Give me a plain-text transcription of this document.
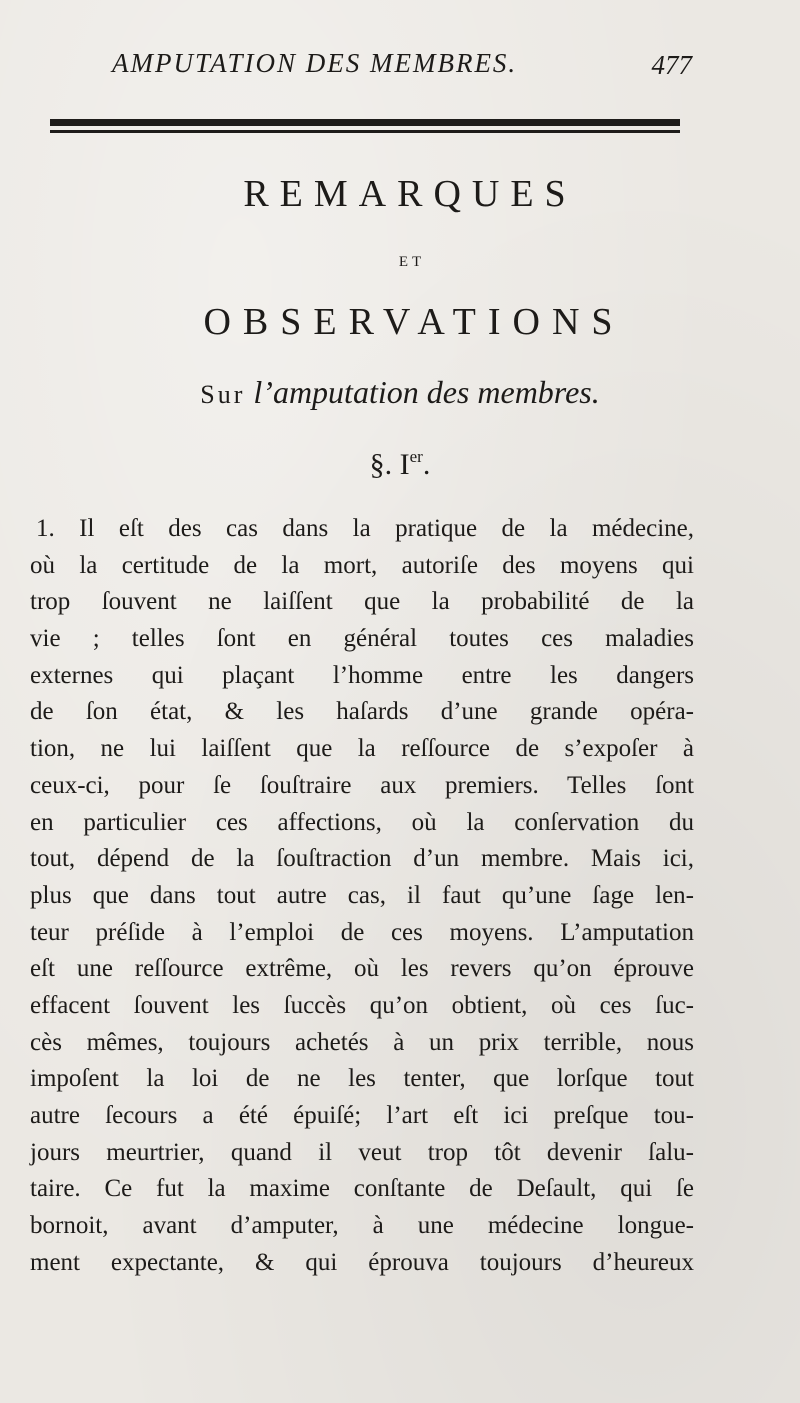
AMPUTATION DES MEMBRES.	477
REMARQUES
ET
OBSERVATIONS
Sur l’amputation des membres.
§. Ier.
1. Il eſt des cas dans la pratique de la médecine,
où la certitude de la mort, autoriſe des moyens qui
trop ſouvent ne laiſſent que la probabilité de la
vie ; telles ſont en général toutes ces maladies
externes qui plaçant l’homme entre les dangers
de ſon état, & les haſards d’une grande opéra-
tion, ne lui laiſſent que la reſſource de s’expoſer à
ceux-ci, pour ſe ſouſtraire aux premiers. Telles ſont
en particulier ces affections, où la conſervation du
tout, dépend de la ſouſtraction d’un membre. Mais ici,
plus que dans tout autre cas, il faut qu’une ſage len-
teur préſide à l’emploi de ces moyens. L’amputation
eſt une reſſource extrême, où les revers qu’on éprouve
effacent ſouvent les ſuccès qu’on obtient, où ces ſuc-
cès mêmes, toujours achetés à un prix terrible, nous
impoſent la loi de ne les tenter, que lorſque tout
autre ſecours a été épuiſé; l’art eſt ici preſque tou-
jours meurtrier, quand il veut trop tôt devenir ſalu-
taire. Ce fut la maxime conſtante de Deſault, qui ſe
bornoit, avant d’amputer, à une médecine longue-
ment expectante, & qui éprouva toujours d’heureux
